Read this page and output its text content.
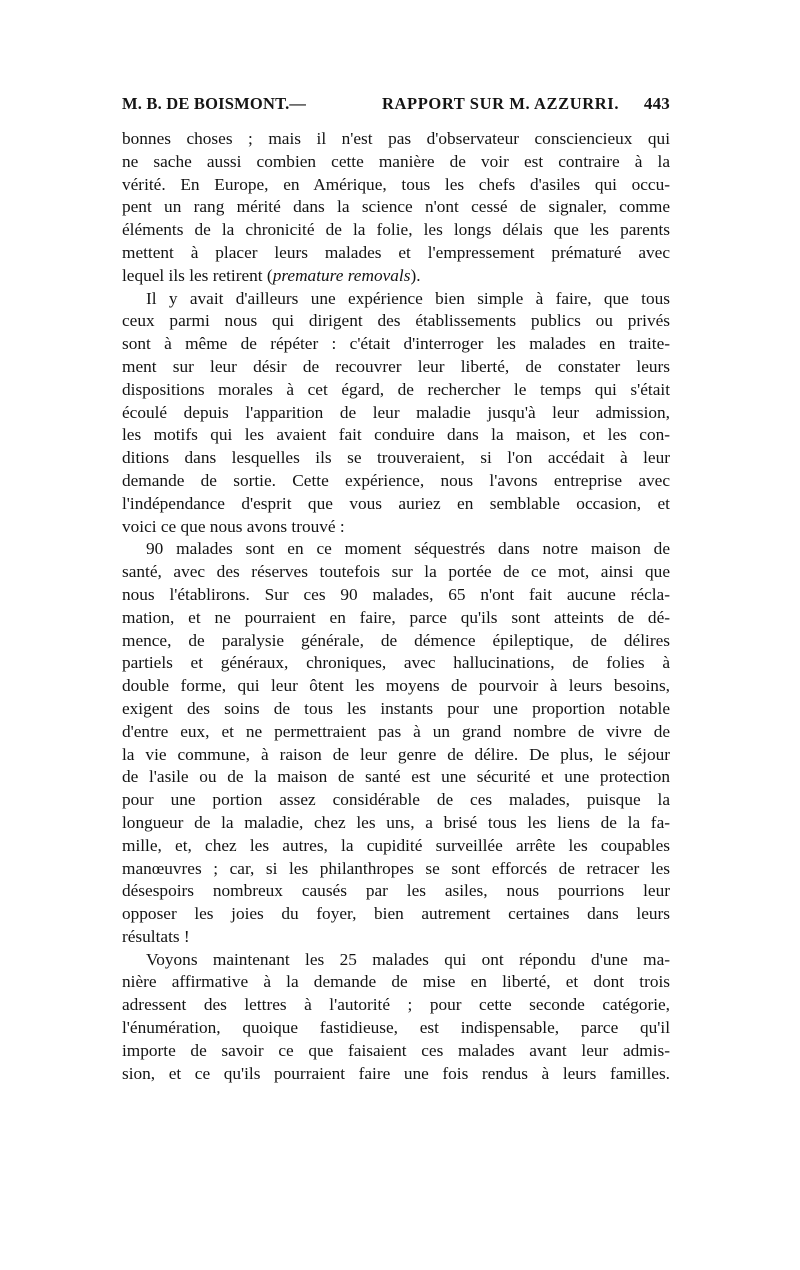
M. B. DE BOISMONT.—	RAPPORT SUR M. AZZURRI. 443
bonnes choses ; mais il n'est pas d'observateur consciencieux qui
ne sache aussi combien cette manière de voir est contraire à la
vérité. En Europe, en Amérique, tous les chefs d'asiles qui occu-
pent un rang mérité dans la science n'ont cessé de signaler, comme
éléments de la chronicité de la folie, les longs délais que les parents
mettent à placer leurs malades et l'empressement prématuré avec
lequel ils les retirent (premature removals).
Il y avait d'ailleurs une expérience bien simple à faire, que tous
ceux parmi nous qui dirigent des établissements publics ou privés
sont à même de répéter : c'était d'interroger les malades en traite-
ment sur leur désir de recouvrer leur liberté, de constater leurs
dispositions morales à cet égard, de rechercher le temps qui s'était
écoulé depuis l'apparition de leur maladie jusqu'à leur admission,
les motifs qui les avaient fait conduire dans la maison, et les con-
ditions dans lesquelles ils se trouveraient, si l'on accédait à leur
demande de sortie. Cette expérience, nous l'avons entreprise avec
l'indépendance d'esprit que vous auriez en semblable occasion, et
voici ce que nous avons trouvé :
90 malades sont en ce moment séquestrés dans notre maison de
santé, avec des réserves toutefois sur la portée de ce mot, ainsi que
nous l'établirons. Sur ces 90 malades, 65 n'ont fait aucune récla-
mation, et ne pourraient en faire, parce qu'ils sont atteints de dé-
mence, de paralysie générale, de démence épileptique, de délires
partiels et généraux, chroniques, avec hallucinations, de folies à
double forme, qui leur ôtent les moyens de pourvoir à leurs besoins,
exigent des soins de tous les instants pour une proportion notable
d'entre eux, et ne permettraient pas à un grand nombre de vivre de
la vie commune, à raison de leur genre de délire. De plus, le séjour
de l'asile ou de la maison de santé est une sécurité et une protection
pour une portion assez considérable de ces malades, puisque la
longueur de la maladie, chez les uns, a brisé tous les liens de la fa-
mille, et, chez les autres, la cupidité surveillée arrête les coupables
manœuvres ; car, si les philanthropes se sont efforcés de retracer les
désespoirs nombreux causés par les asiles, nous pourrions leur
opposer les joies du foyer, bien autrement certaines dans leurs
résultats !
Voyons maintenant les 25 malades qui ont répondu d'une ma-
nière affirmative à la demande de mise en liberté, et dont trois
adressent des lettres à l'autorité ; pour cette seconde catégorie,
l'énumération, quoique fastidieuse, est indispensable, parce qu'il
importe de savoir ce que faisaient ces malades avant leur admis-
sion, et ce qu'ils pourraient faire une fois rendus à leurs familles.
